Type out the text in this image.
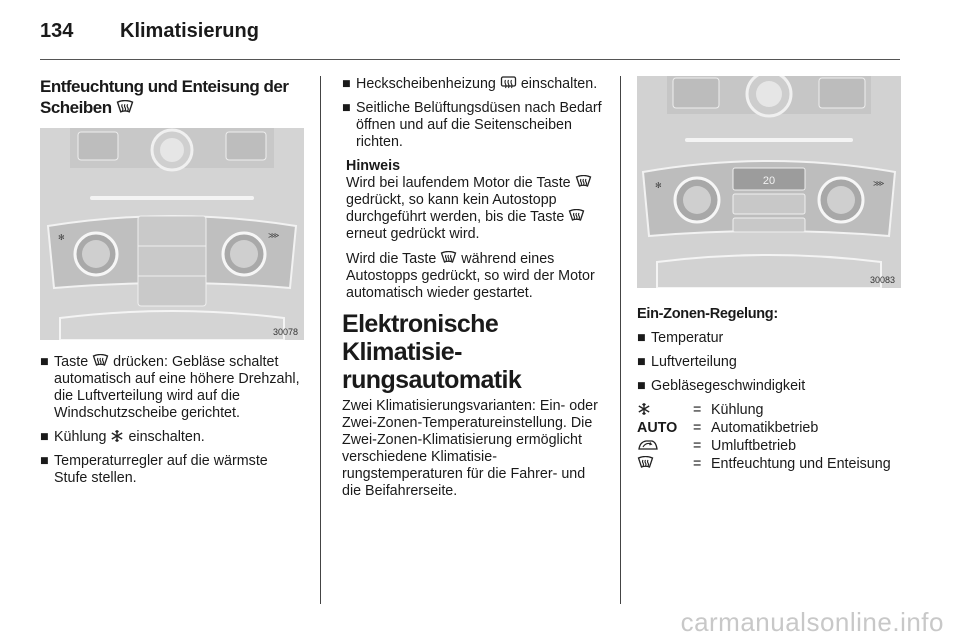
134 Klimatisierung
Entfeuchtung und Enteisung der Scheiben
✻	⋙
30078
■ Taste drücken: Gebläse schaltet automatisch auf eine höhere Drehzahl, die Luftverteilung wird auf die Windschutzscheibe gerichtet.
■ Kühlung einschalten.
■ Temperaturregler auf die wärmste Stufe stellen.
■ Heckscheibenheizung einschalten.
■ Seitliche Belüftungsdüsen nach Bedarf öffnen und auf die Seitenscheiben richten.
Hinweis

Wird bei laufendem Motor die Taste  gedrückt, so kann kein Autostopp durchgeführt werden, bis die Taste  erneut gedrückt wird.

Wird die Taste während eines Autostopps gedrückt, so wird der Motor automatisch wieder gestartet.

Elektronische Klimatisierungsautomatik

Zwei Klimatisierungsvarianten: Ein- oder Zwei-Zonen-Temperatureinstellung. Die Zwei-Zonen-Klimatisierung ermöglicht verschiedene Klimatisierungstemperaturen für die Fahrer- und die Beifahrerseite.

20
✻	⋙
30083
Ein-Zonen-Regelung:
■ Temperatur
■ Luftverteilung
■ Gebläsegeschwindigkeit
= Kühlung
AUTO	= Automatikbetrieb
= Umluftbetrieb
= Entfeuchtung und Enteisung
carmanualsonline.info
